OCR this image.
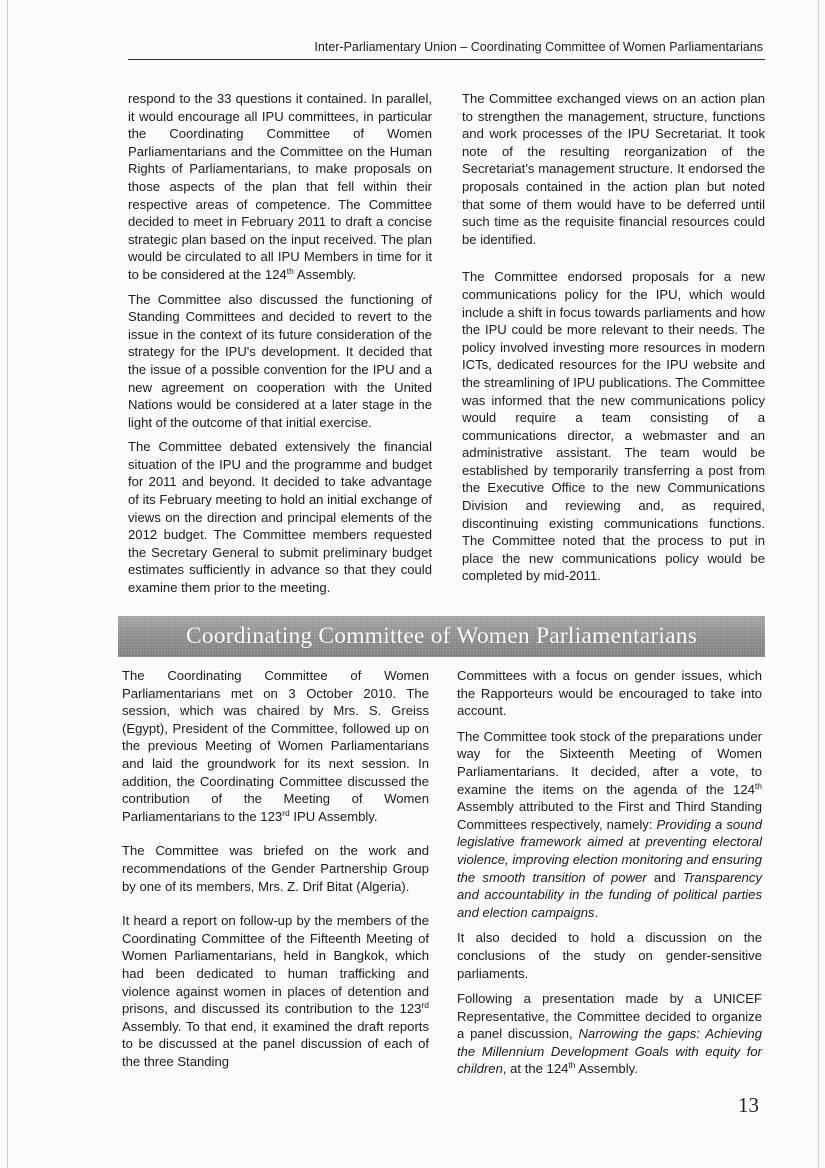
Inter-Parliamentary Union – Coordinating Committee of Women Parliamentarians

respond to the 33 questions it contained. In parallel, it would encourage all IPU committees, in particular the Coordinating Committee of Women Parliamentarians and the Committee on the Human Rights of Parliamentarians, to make proposals on those aspects of the plan that fell within their respective areas of competence. The Committee decided to meet in February 2011 to draft a concise strategic plan based on the input received. The plan would be circulated to all IPU Members in time for it to be considered at the 124th Assembly.

The Committee also discussed the functioning of Standing Committees and decided to revert to the issue in the context of its future consideration of the strategy for the IPU's development. It decided that the issue of a possible convention for the IPU and a new agreement on cooperation with the United Nations would be considered at a later stage in the light of the outcome of that initial exercise.

The Committee debated extensively the financial situation of the IPU and the programme and budget for 2011 and beyond. It decided to take advantage of its February meeting to hold an initial exchange of views on the direction and principal elements of the 2012 budget. The Committee members requested the Secretary General to submit preliminary budget estimates sufficiently in advance so that they could examine them prior to the meeting.

The Committee exchanged views on an action plan to strengthen the management, structure, functions and work processes of the IPU Secretariat. It took note of the resulting reorganization of the Secretariat's management structure. It endorsed the proposals contained in the action plan but noted that some of them would have to be deferred until such time as the requisite financial resources could be identified.

The Committee endorsed proposals for a new communications policy for the IPU, which would include a shift in focus towards parliaments and how the IPU could be more relevant to their needs. The policy involved investing more resources in modern ICTs, dedicated resources for the IPU website and the streamlining of IPU publications. The Committee was informed that the new communications policy would require a team consisting of a communications director, a webmaster and an administrative assistant. The team would be established by temporarily transferring a post from the Executive Office to the new Communications Division and reviewing and, as required, discontinuing existing communications functions. The Committee noted that the process to put in place the new communications policy would be completed by mid-2011.

Coordinating Committee of Women Parliamentarians

The Coordinating Committee of Women Parliamentarians met on 3 October 2010. The session, which was chaired by Mrs. S. Greiss (Egypt), President of the Committee, followed up on the previous Meeting of Women Parliamentarians and laid the groundwork for its next session. In addition, the Coordinating Committee discussed the contribution of the Meeting of Women Parliamentarians to the 123rd IPU Assembly.

The Committee was briefed on the work and recommendations of the Gender Partnership Group by one of its members, Mrs. Z. Drif Bitat (Algeria).

It heard a report on follow-up by the members of the Coordinating Committee of the Fifteenth Meeting of Women Parliamentarians, held in Bangkok, which had been dedicated to human trafficking and violence against women in places of detention and prisons, and discussed its contribution to the 123rd Assembly. To that end, it examined the draft reports to be discussed at the panel discussion of each of the three Standing

Committees with a focus on gender issues, which the Rapporteurs would be encouraged to take into account.

The Committee took stock of the preparations under way for the Sixteenth Meeting of Women Parliamentarians. It decided, after a vote, to examine the items on the agenda of the 124th Assembly attributed to the First and Third Standing Committees respectively, namely: Providing a sound legislative framework aimed at preventing electoral violence, improving election monitoring and ensuring the smooth transition of power and Transparency and accountability in the funding of political parties and election campaigns.

It also decided to hold a discussion on the conclusions of the study on gender-sensitive parliaments.

Following a presentation made by a UNICEF Representative, the Committee decided to organize a panel discussion, Narrowing the gaps: Achieving the Millennium Development Goals with equity for children, at the 124th Assembly.

13
